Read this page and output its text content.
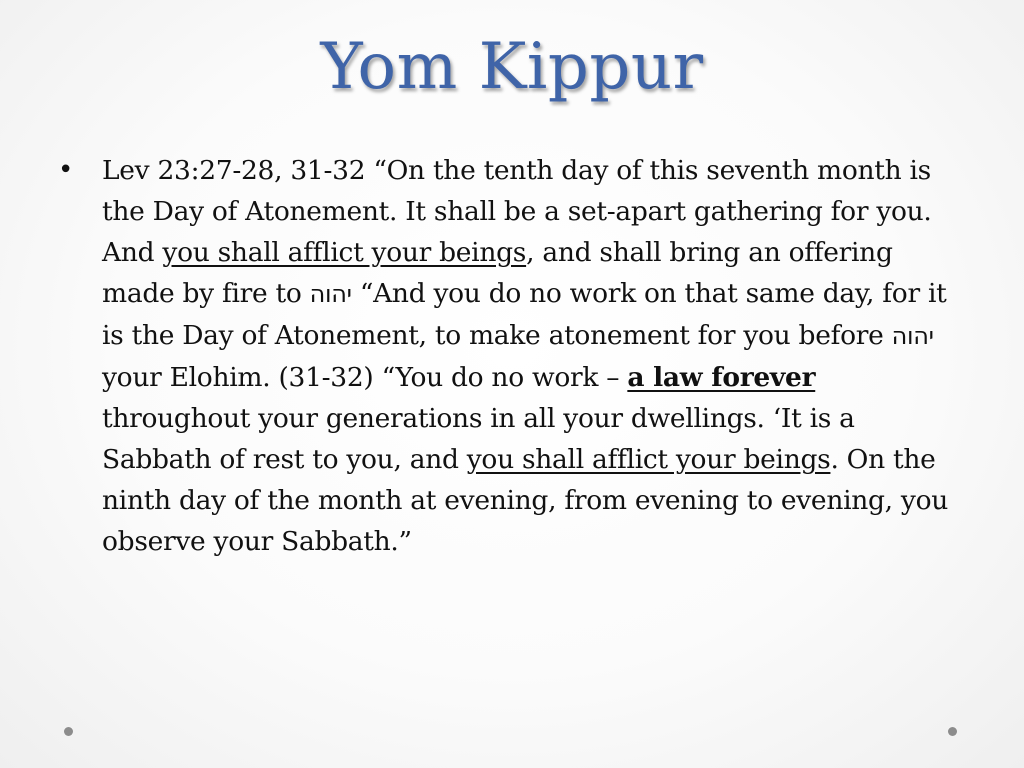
Yom Kippur
• Lev 23:27-28, 31-32 “On the tenth day of this seventh month is the Day of Atonement. It shall be a set-apart gathering for you. And you shall afflict your beings, and shall bring an offering made by fire to יהוה “And you do no work on that same day, for it is the Day of Atonement, to make atonement for you before יהוה your Elohim. (31-32) “You do no work – a law forever throughout your generations in all your dwellings. ‘It is a Sabbath of rest to you, and you shall afflict your beings. On the ninth day of the month at evening, from evening to evening, you observe your Sabbath.”
